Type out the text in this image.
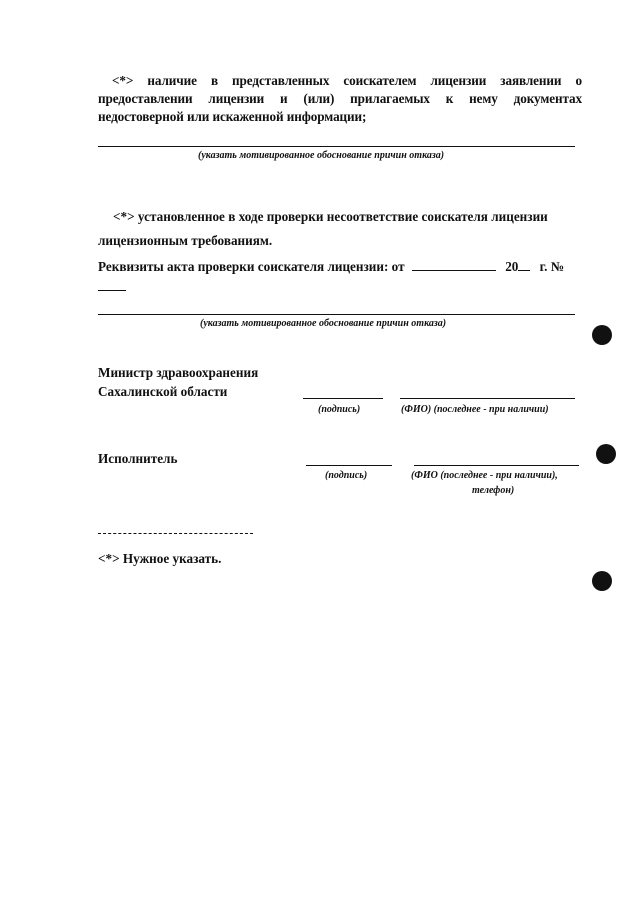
<*> наличие в представленных соискателем лицензии заявлении о предоставлении лицензии и (или) прилагаемых к нему документах недостоверной или искаженной информации;
(указать мотивированное обоснование причин отказа)
<*> установленное в ходе проверки несоответствие соискателя лицензии
лицензионным требованиям.
Реквизиты акта проверки соискателя лицензии: от	20 г. №
(указать мотивированное обоснование причин отказа)
Министр здравоохранения
Сахалинской области
(подпись)	(ФИО) (последнее - при наличии)
Исполнитель
(подпись)	(ФИО (последнее - при наличии),
телефон)
<*> Нужное указать.
